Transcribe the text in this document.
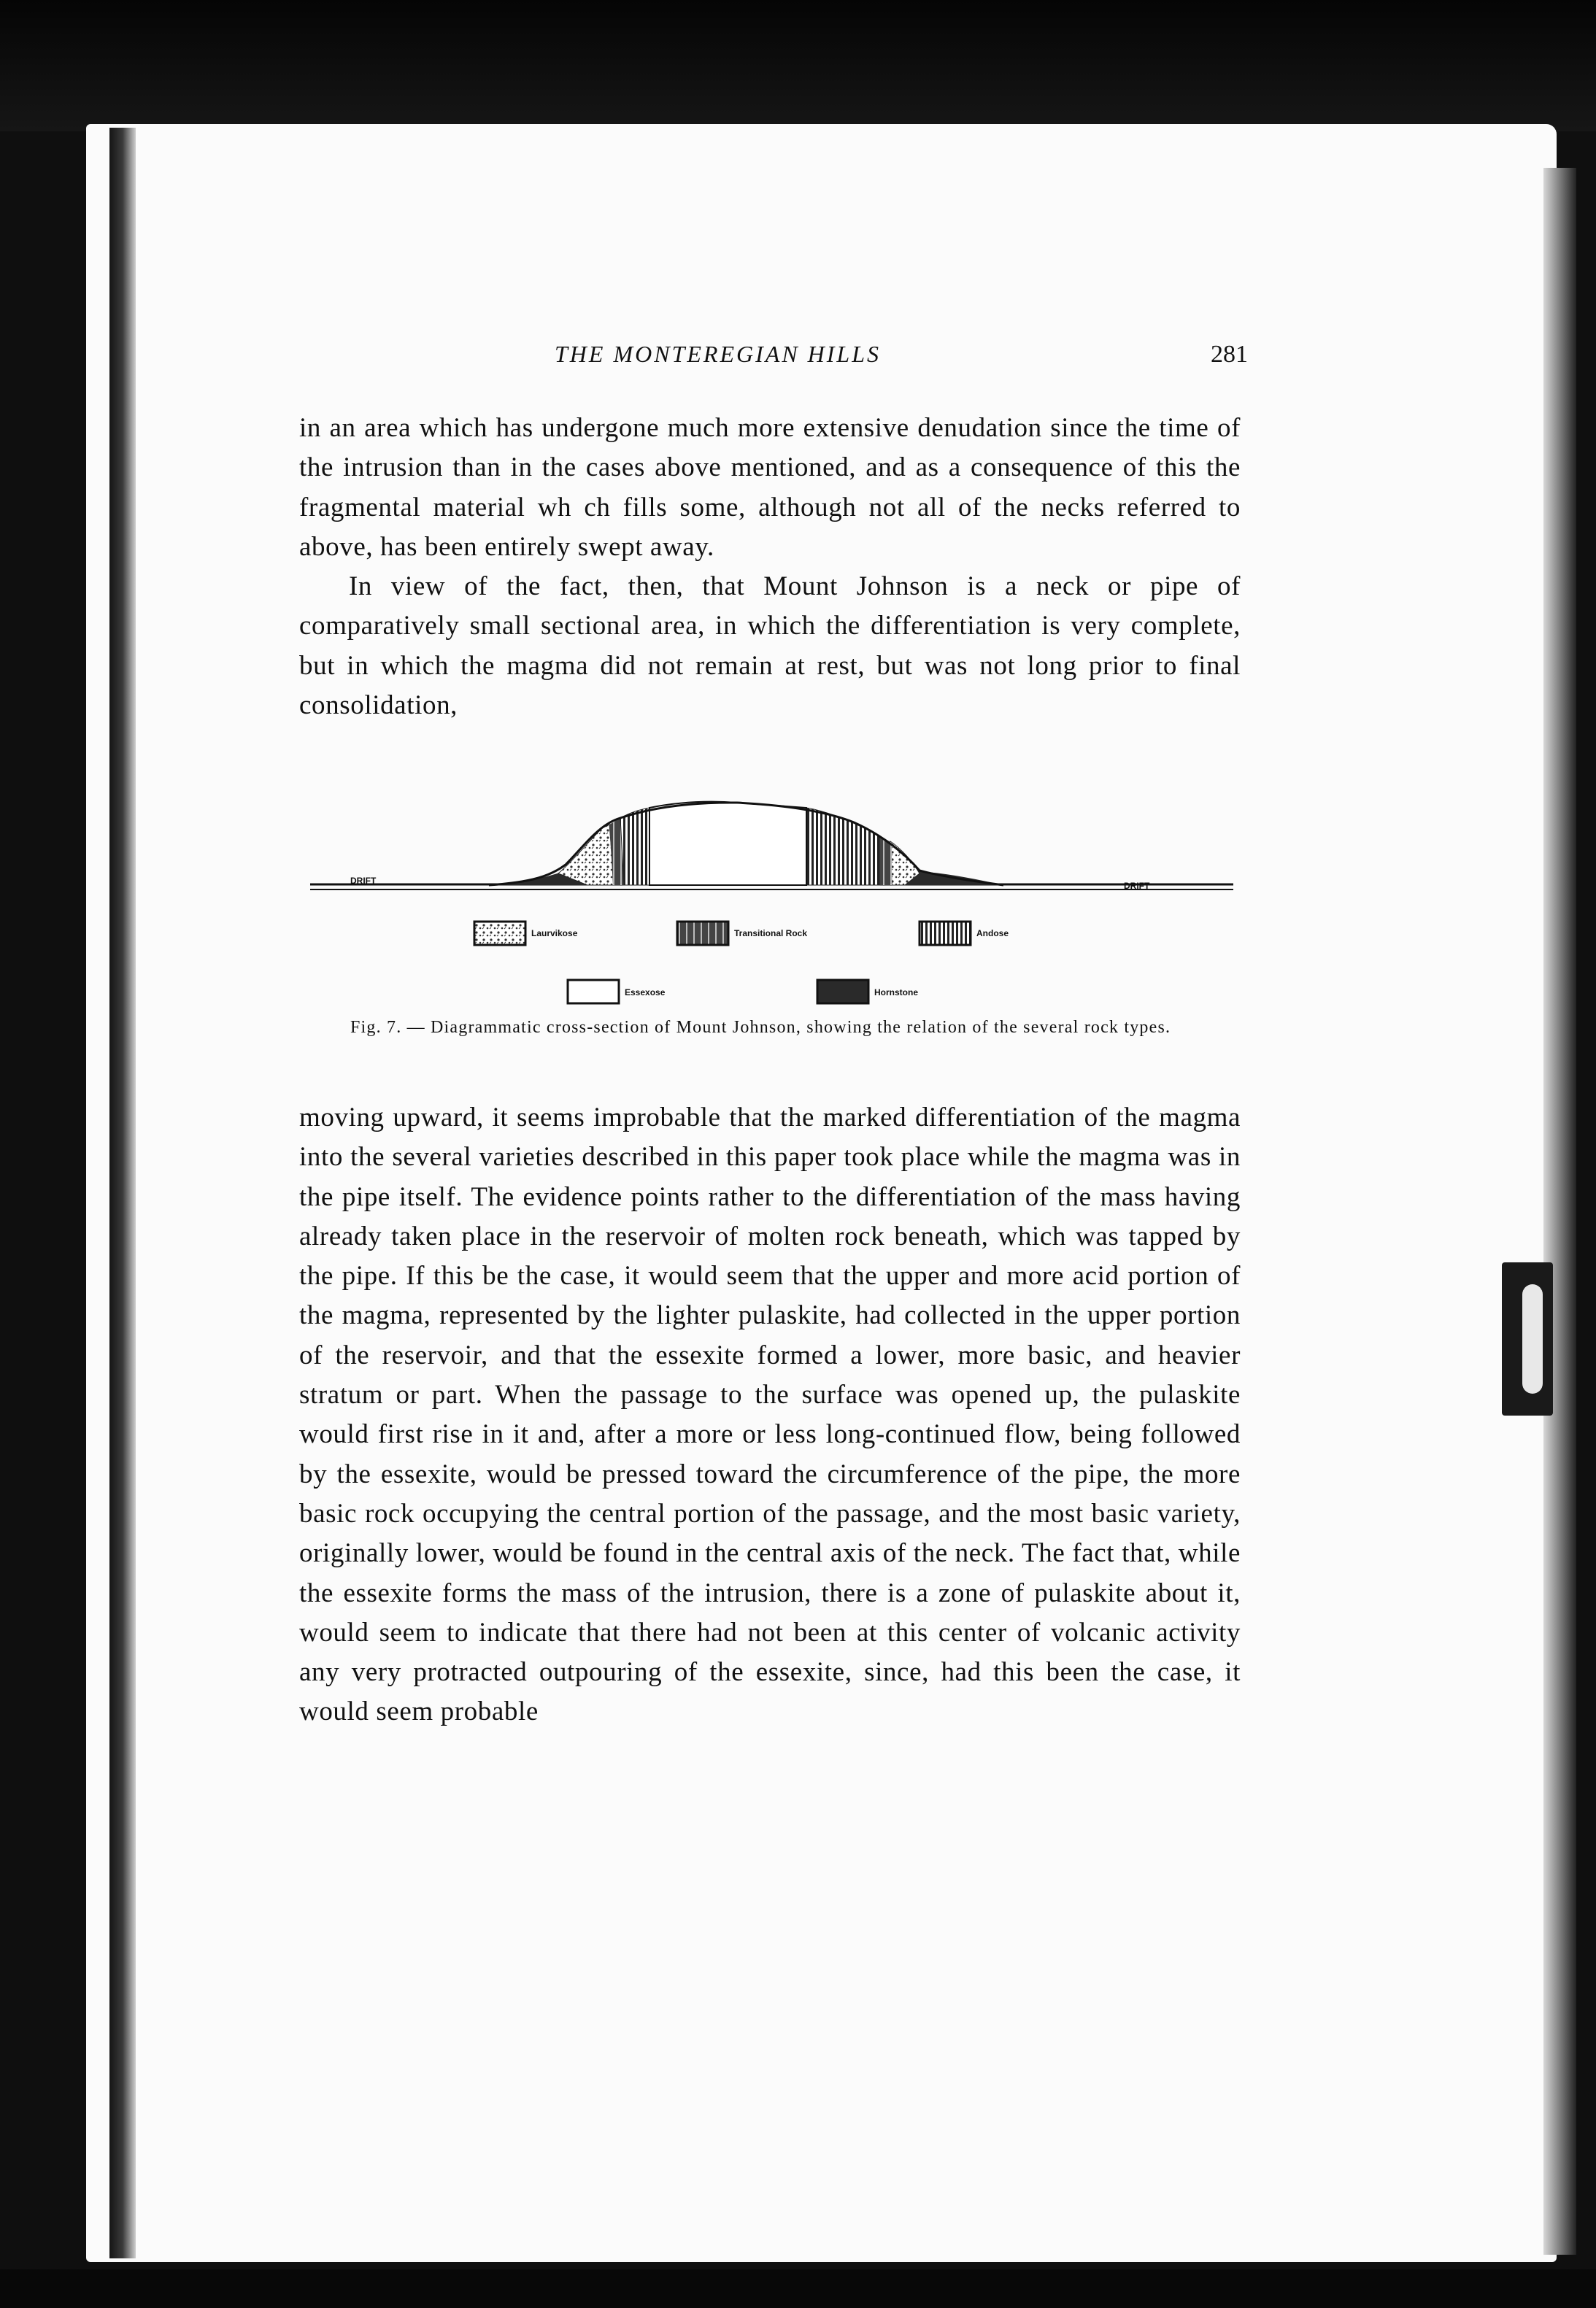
THE MONTEREGIAN HILLS	281

in an area which has undergone much more extensive denudation since the time of the intrusion than in the cases above mentioned, and as a consequence of this the fragmental material wh ch fills some, although not all of the necks referred to above, has been entirely swept away.

In view of the fact, then, that Mount Johnson is a neck or pipe of comparatively small sectional area, in which the differentiation is very complete, but in which the magma did not remain at rest, but was not long prior to final consolidation,

DRIFT	DRIFT
Laurvikose	Transitional Rock	Andose
Essexose	Hornstone
Fig. 7. — Diagrammatic cross-section of Mount Johnson, showing the relation of the several rock types.

moving upward, it seems improbable that the marked differentiation of the magma into the several varieties described in this paper took place while the magma was in the pipe itself. The evidence points rather to the differentiation of the mass having already taken place in the reservoir of molten rock beneath, which was tapped by the pipe. If this be the case, it would seem that the upper and more acid portion of the magma, represented by the lighter pulaskite, had collected in the upper portion of the reservoir, and that the essexite formed a lower, more basic, and heavier stratum or part. When the passage to the surface was opened up, the pulaskite would first rise in it and, after a more or less long-continued flow, being followed by the essexite, would be pressed toward the circumference of the pipe, the more basic rock occupying the central portion of the passage, and the most basic variety, originally lower, would be found in the central axis of the neck. The fact that, while the essexite forms the mass of the intrusion, there is a zone of pulaskite about it, would seem to indicate that there had not been at this center of volcanic activity any very protracted outpouring of the essexite, since, had this been the case, it would seem probable
